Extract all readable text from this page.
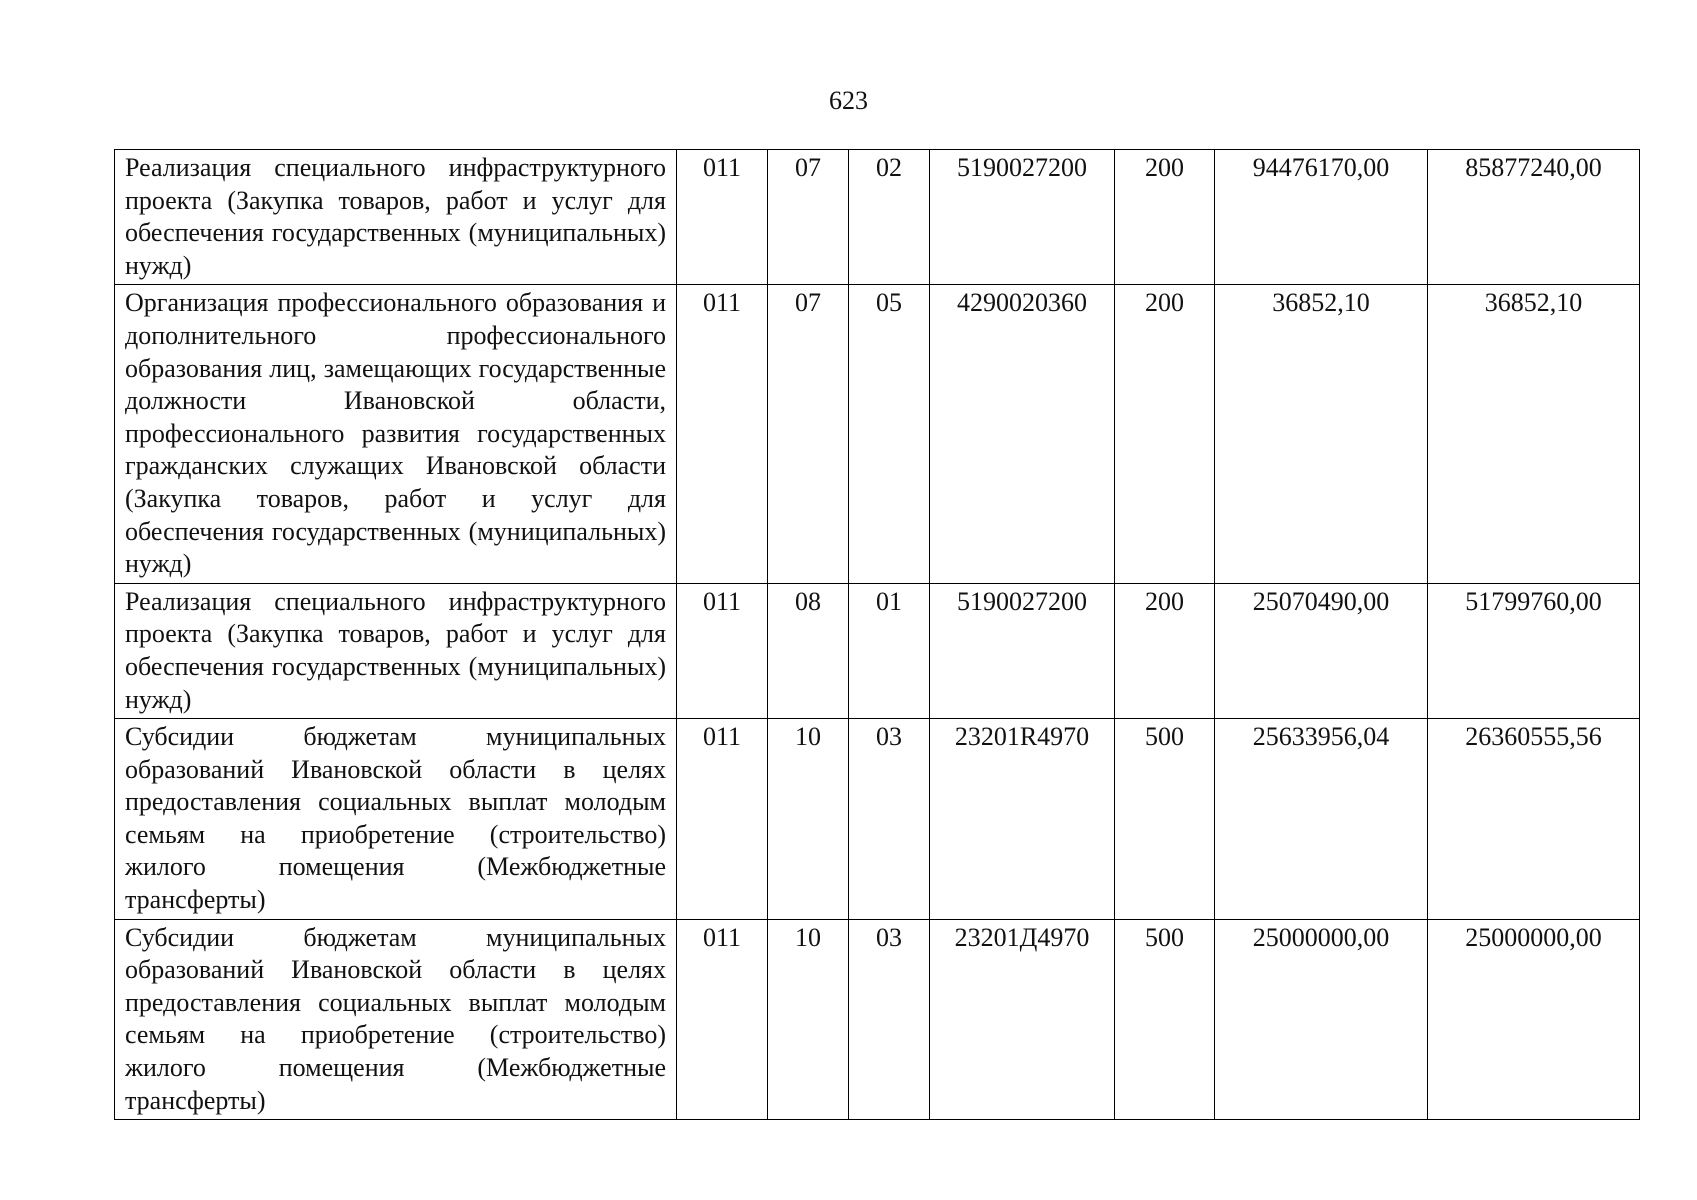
623
Реализация специального инфраструктурного проекта (Закупка товаров, работ и услуг для обеспечения государственных (муниципальных) нужд)	011	07	02	5190027200	200	94476170,00	85877240,00
Организация профессионального образования и дополнительного профессионального образования лиц, замещающих государственные должности Ивановской области, профессионального развития государственных гражданских служащих Ивановской области (Закупка товаров, работ и услуг для обеспечения государственных (муниципальных) нужд)	011	07	05	4290020360	200	36852,10	36852,10
Реализация специального инфраструктурного проекта (Закупка товаров, работ и услуг для обеспечения государственных (муниципальных) нужд)	011	08	01	5190027200	200	25070490,00	51799760,00
Субсидии бюджетам муниципальных образований Ивановской области в целях предоставления социальных выплат молодым семьям на приобретение (строительство) жилого помещения (Межбюджетные трансферты)	011	10	03	23201R4970	500	25633956,04	26360555,56
Субсидии бюджетам муниципальных образований Ивановской области в целях предоставления социальных выплат молодым семьям на приобретение (строительство) жилого помещения (Межбюджетные трансферты)	011	10	03	23201Д4970	500	25000000,00	25000000,00
